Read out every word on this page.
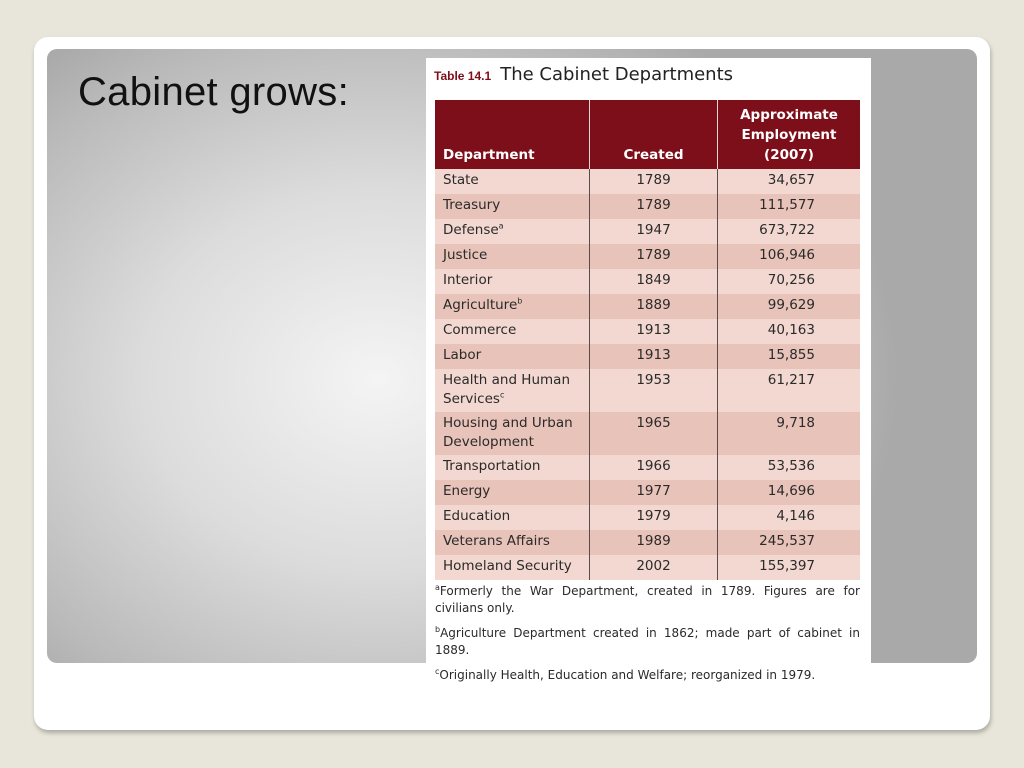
Cabinet grows:	Table 14.1 The Cabinet Departments
Department	Created	Approximate
Employment
(2007)
State	1789	34,657
Treasury	1789	111,577
Defense$^a$	1947	673,722
Justice	1789	106,946
Interior	1849	70,256
Agriculture$^b$	1889	99,629
Commerce	1913	40,163
Labor	1913	15,855
Health and Human Services$^c$	1953	61,217
Housing and Urban Development	1965	9,718
Transportation	1966	53,536
Energy	1977	14,696
Education	1979	4,146
Veterans Affairs	1989	245,537
Homeland Security	2002	155,397

$^a$Formerly the War Department, created in 1789. Figures are for civilians only.

$^b$Agriculture Department created in 1862; made part of cabinet in 1889.

$^c$Originally Health, Education and Welfare; reorganized in 1979.
